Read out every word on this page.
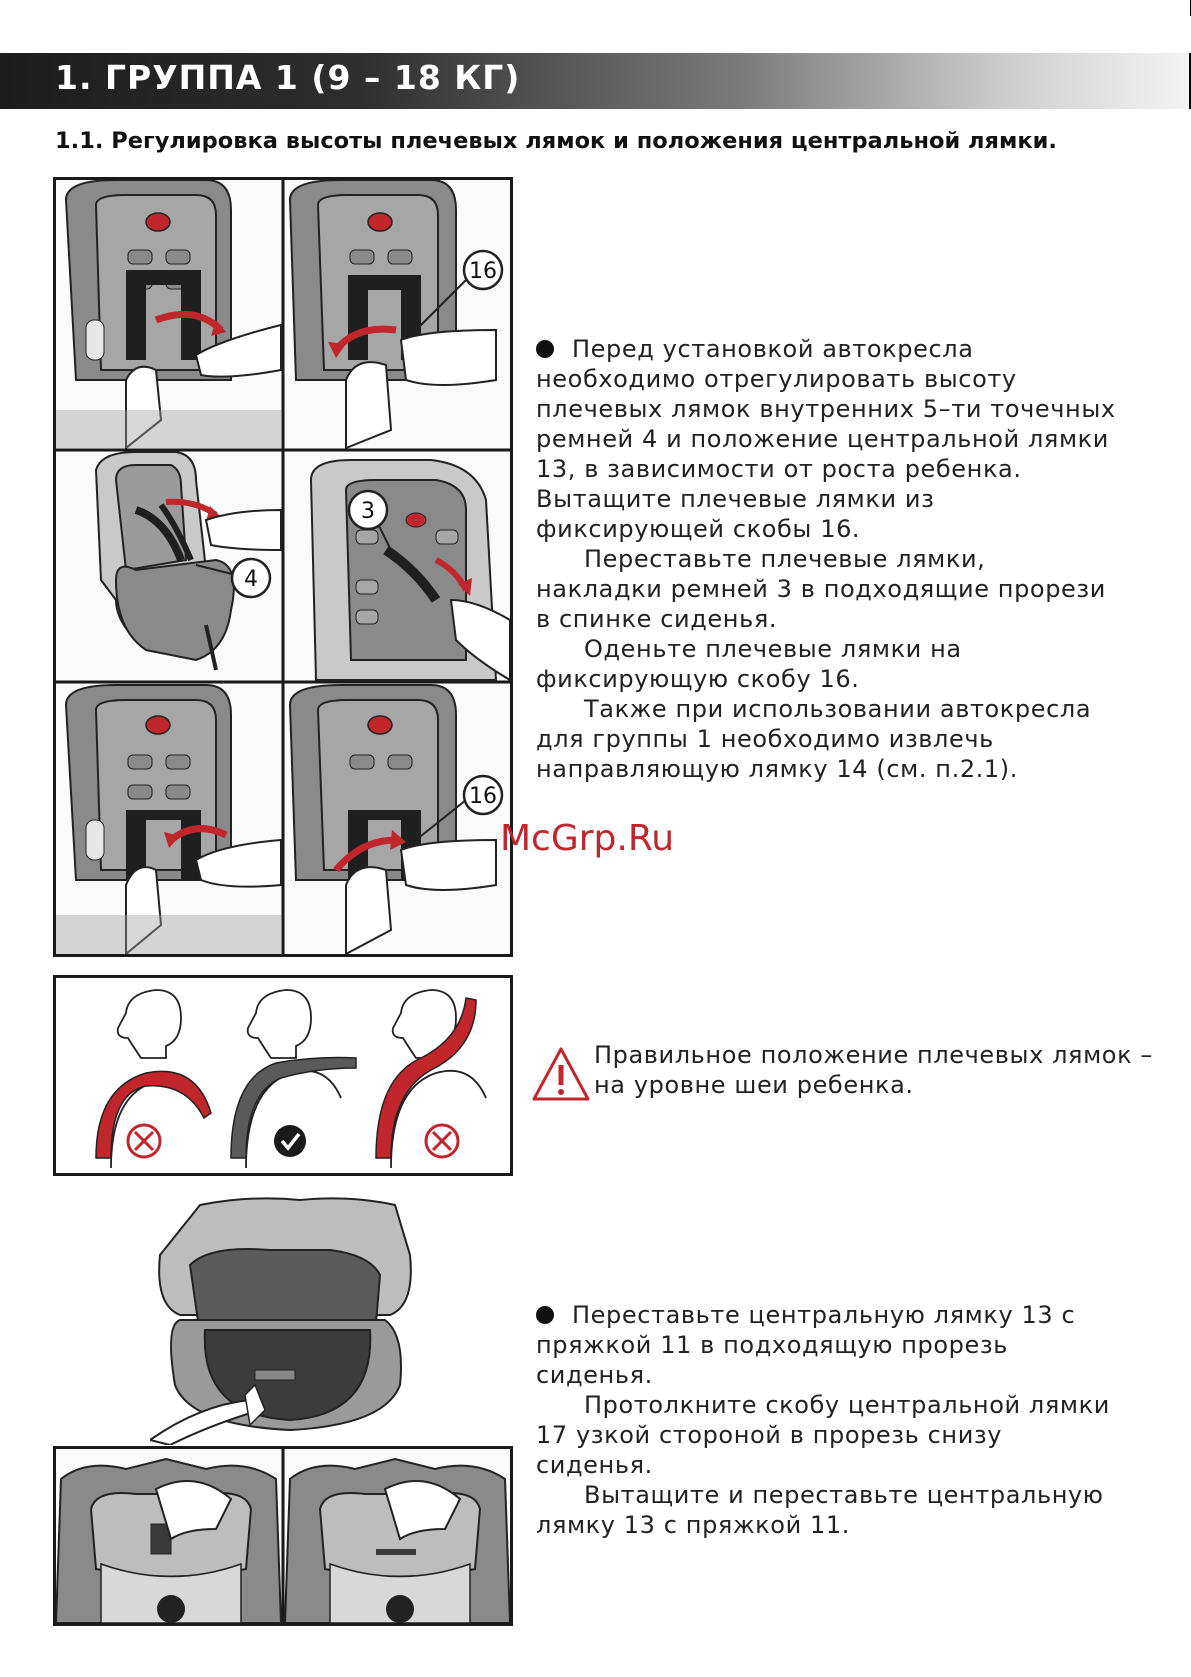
1. ГРУППА 1 (9 – 18 КГ)
1.1. Регулировка высоты плечевых лямок и положения центральной лямки.
16
4
3
16

Перед установкой автокресла необходимо отрегулировать высоту плечевых лямок внутренних 5–ти точечных ремней 4 и положение центральной лямки 13, в зависимости от роста ребенка. Вытащите плечевые лямки из фиксирующей скобы 16.

Переставьте плечевые лямки, накладки ремней 3 в подходящие прорези в спинке сиденья.

Оденьте плечевые лямки на фиксирующую скобу 16.

Также при использовании автокресла для группы 1 необходимо извлечь направляющую лямку 14 (см. п.2.1).

McGrp.Ru

Правильное положение плечевых лямок –

на уровне шеи ребенка.

Переставьте центральную лямку 13 с пряжкой 11 в подходящую прорезь сиденья.

Протолкните скобу центральной лямки 17 узкой стороной в прорезь снизу сиденья.

Вытащите и переставьте центральную лямку 13 с пряжкой 11.
